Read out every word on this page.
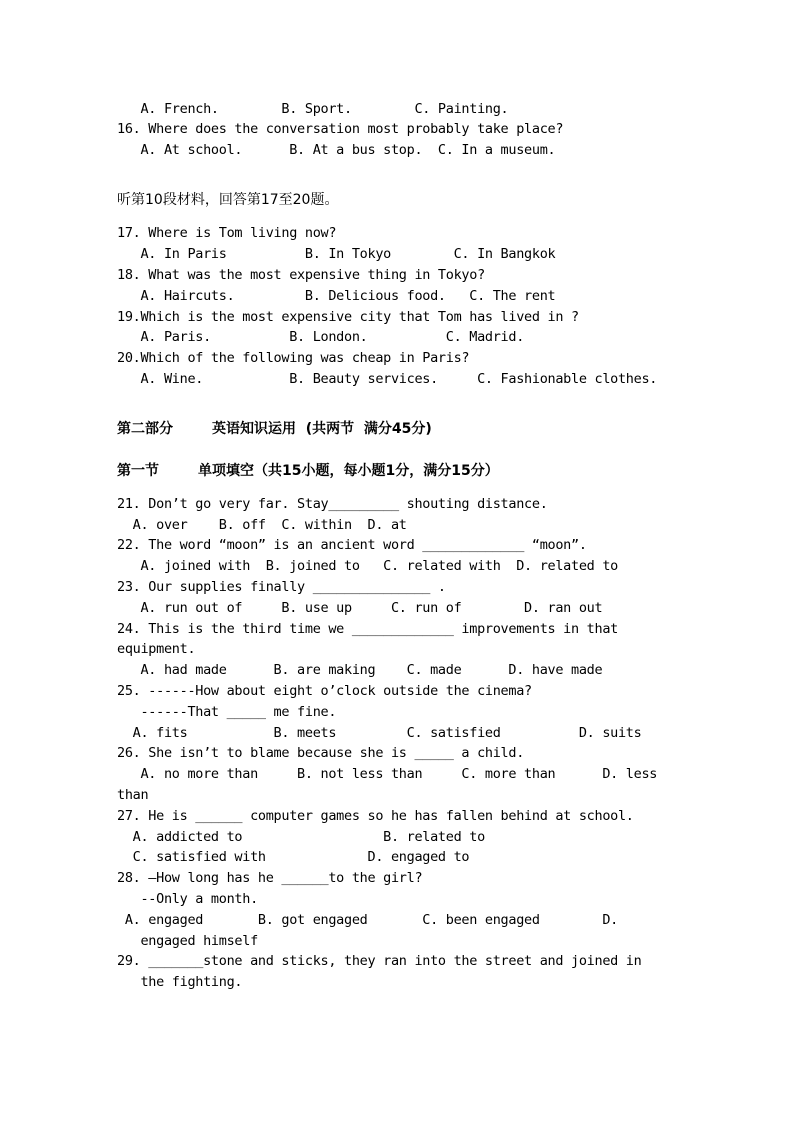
A. French.        B. Sport.        C. Painting.
16. Where does the conversation most probably take place?
A. At school.      B. At a bus stop.  C. In a museum.
听第10段材料，回答第17至20题。
17. Where is Tom living now?
A. In Paris          B. In Tokyo        C. In Bangkok
18. What was the most expensive thing in Tokyo?
A. Haircuts.         B. Delicious food.   C. The rent
19.Which is the most expensive city that Tom has lived in ?
A. Paris.          B. London.          C. Madrid.
20.Which of the following was cheap in Paris?
A. Wine.           B. Beauty services.     C. Fashionable clothes.
第二部分        英语知识运用  (共两节  满分45分)
第一节        单项填空（共15小题，每小题1分，满分15分）
21. Don’t go very far. Stay_________ shouting distance.
A. over    B. off  C. within  D. at
22. The word “moon” is an ancient word _____________ “moon”.
A. joined with  B. joined to   C. related with  D. related to
23. Our supplies finally _______________ .
A. run out of     B. use up     C. run of        D. ran out
24. This is the third time we _____________ improvements in that
equipment.
A. had made      B. are making    C. made      D. have made
25. ------How about eight o’clock outside the cinema?
------That _____ me fine.
A. fits           B. meets         C. satisfied          D. suits
26. She isn’t to blame because she is _____ a child.
A. no more than     B. not less than     C. more than      D. less
than
27. He is ______ computer games so he has fallen behind at school.
A. addicted to                  B. related to
C. satisfied with             D. engaged to
28. –How long has he ______to the girl?
--Only a month.
A. engaged       B. got engaged       C. been engaged        D.
engaged himself
29. _______stone and sticks, they ran into the street and joined in
the fighting.
